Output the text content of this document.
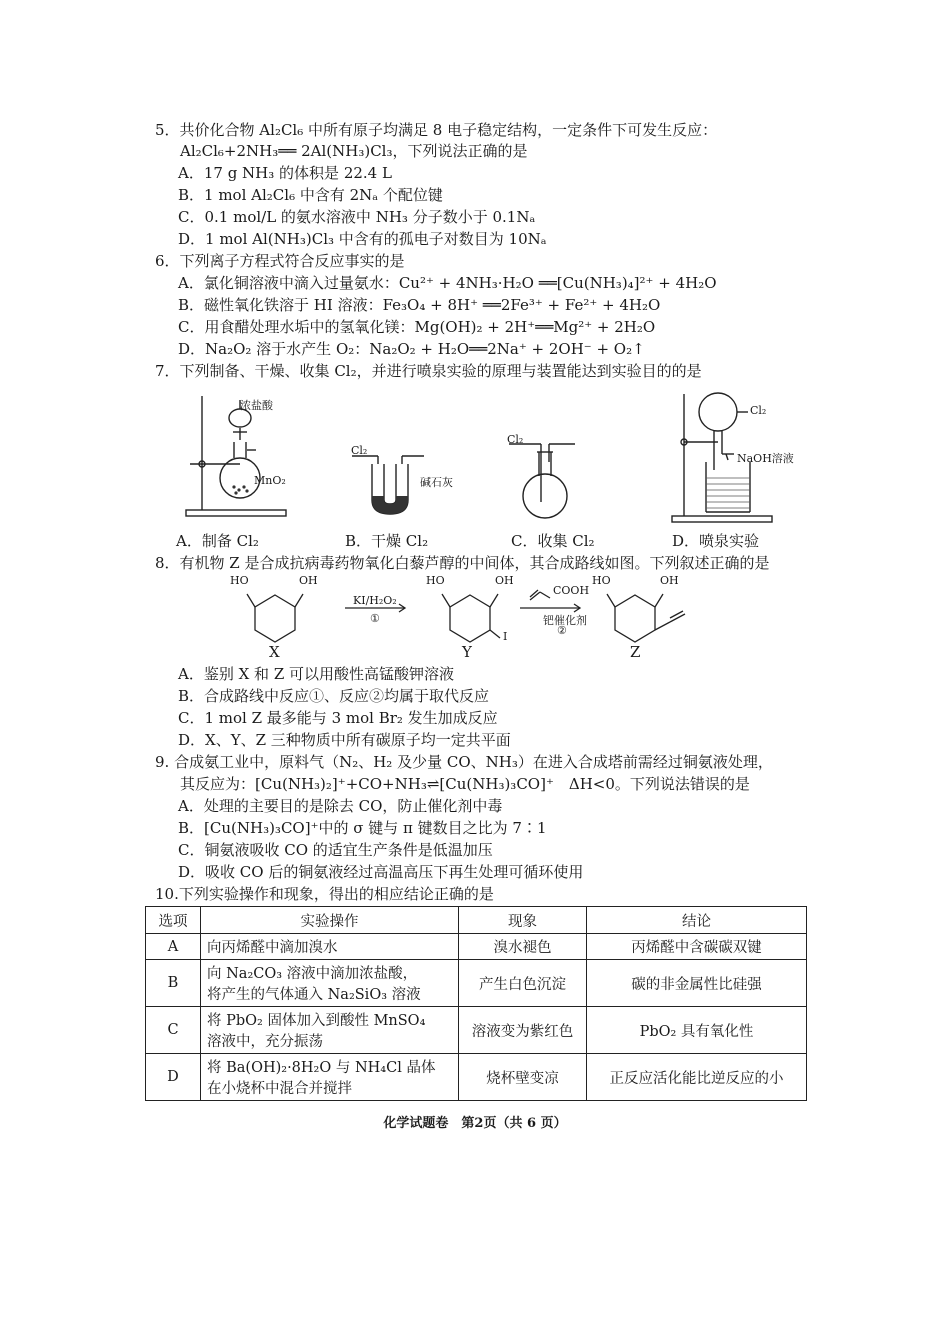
5．共价化合物 Al₂Cl₆ 中所有原子均满足 8 电子稳定结构，一定条件下可发生反应：
Al₂Cl₆+2NH₃══ 2Al(NH₃)Cl₃，下列说法正确的是
A．17 g NH₃ 的体积是 22.4 L
B．1 mol Al₂Cl₆ 中含有 2Nₐ 个配位键
C．0.1 mol/L 的氨水溶液中 NH₃ 分子数小于 0.1Nₐ
D．1 mol Al(NH₃)Cl₃ 中含有的孤电子对数目为 10Nₐ
6．下列离子方程式符合反应事实的是
A．氯化铜溶液中滴入过量氨水：Cu²⁺ + 4NH₃·H₂O ══[Cu(NH₃)₄]²⁺ + 4H₂O
B．磁性氧化铁溶于 HI 溶液：Fe₃O₄ + 8H⁺ ══2Fe³⁺ + Fe²⁺ + 4H₂O
C．用食醋处理水垢中的氢氧化镁：Mg(OH)₂ + 2H⁺══Mg²⁺ + 2H₂O
D．Na₂O₂ 溶于水产生 O₂：Na₂O₂ + H₂O══2Na⁺ + 2OH⁻ + O₂↑
7．下列制备、干燥、收集 Cl₂，并进行喷泉实验的原理与装置能达到实验目的的是
浓盐酸
MnO₂
Cl₂
碱石灰
Cl₂
Cl₂
NaOH溶液
A．制备 Cl₂	B．干燥 Cl₂	C．收集 Cl₂	D．喷泉实验
8．有机物 Z 是合成抗病毒药物氧化白藜芦醇的中间体，其合成路线如图。下列叙述正确的是
HO	OH	HO	OH
I
HO	OH
KI/H₂O₂
①
COOH
钯催化剂
②
X	Y	Z
A．鉴别 X 和 Z 可以用酸性高锰酸钾溶液
B．合成路线中反应①、反应②均属于取代反应
C．1 mol Z 最多能与 3 mol Br₂ 发生加成反应
D．X、Y、Z 三种物质中所有碳原子均一定共平面
9. 合成氨工业中，原料气（N₂、H₂ 及少量 CO、NH₃）在进入合成塔前需经过铜氨液处理，
其反应为：[Cu(NH₃)₂]⁺+CO+NH₃⇌[Cu(NH₃)₃CO]⁺　ΔH<0。下列说法错误的是
A．处理的主要目的是除去 CO，防止催化剂中毒
B．[Cu(NH₃)₃CO]⁺中的 σ 键与 π 键数目之比为 7∶1
C．铜氨液吸收 CO 的适宜生产条件是低温加压
D．吸收 CO 后的铜氨液经过高温高压下再生处理可循环使用
10.下列实验操作和现象，得出的相应结论正确的是
选项	实验操作	现象	结论
A	向丙烯醛中滴加溴水	溴水褪色	丙烯醛中含碳碳双键
B	向 Na₂CO₃ 溶液中滴加浓盐酸，
将产生的气体通入 Na₂SiO₃ 溶液	产生白色沉淀	碳的非金属性比硅强
C	将 PbO₂ 固体加入到酸性 MnSO₄
溶液中，充分振荡	溶液变为紫红色	PbO₂ 具有氧化性
D	将 Ba(OH)₂·8H₂O 与 NH₄Cl 晶体
在小烧杯中混合并搅拌	烧杯壁变凉	正反应活化能比逆反应的小
化学试题卷　第2页（共 6 页）
